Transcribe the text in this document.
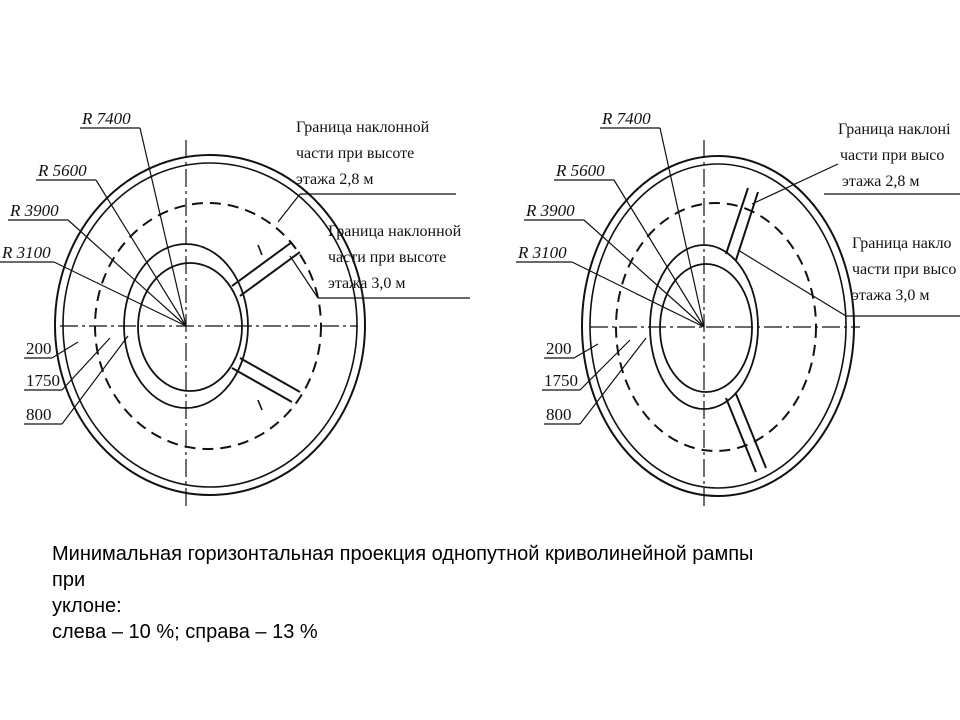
R 7400
R 5600
R 3900
R 3100
200
1750
800
Граница наклонной
части при высоте
этажа 2,8 м
Граница наклонной
части при высоте
этажа 3,0 м
R 7400
R 5600
R 3900
R 3100
200
1750
800
Граница наклоні
части при высо
этажа 2,8 м
Граница накло
части при высо
этажа 3,0 м
Минимальная горизонтальная проекция однопутной криволинейной рампы
при
уклоне:
слева – 10 %; справа – 13 %
